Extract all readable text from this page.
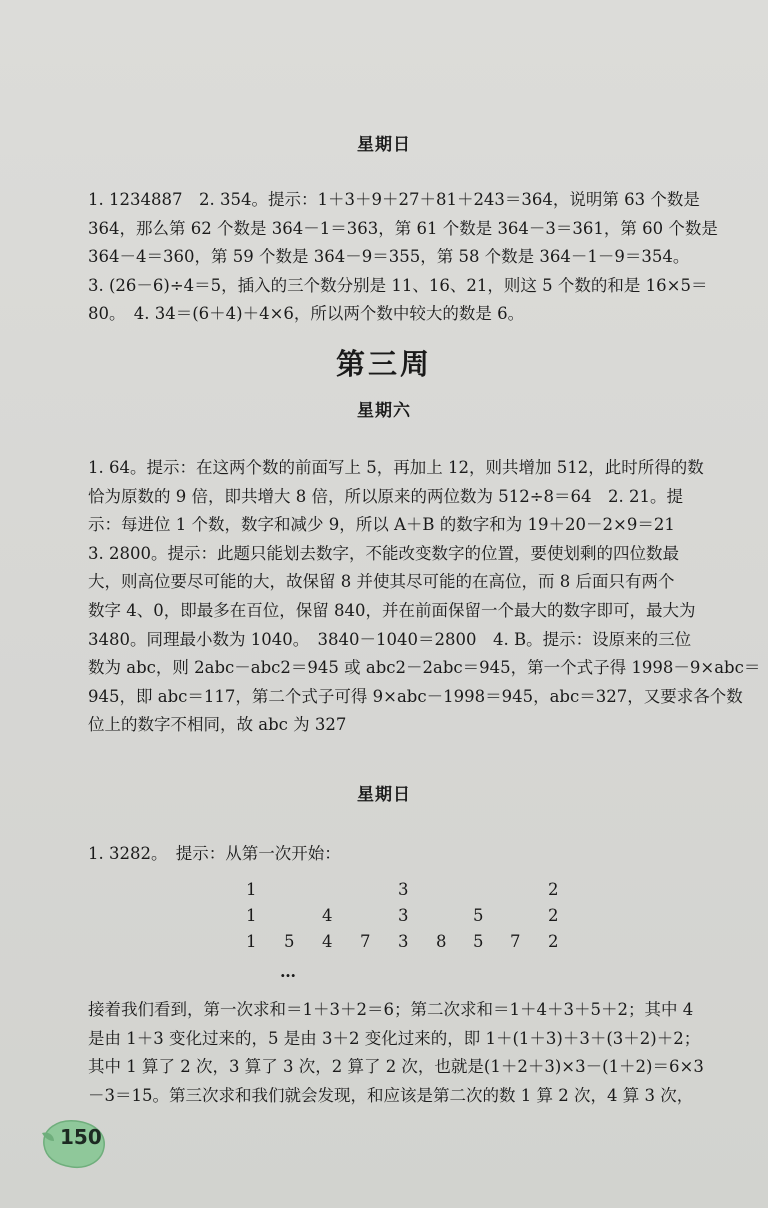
星期日
1. 1234887　2. 354。提示：1＋3＋9＋27＋81＋243＝364，说明第 63 个数是
364，那么第 62 个数是 364－1＝363，第 61 个数是 364－3＝361，第 60 个数是
364－4＝360，第 59 个数是 364－9＝355，第 58 个数是 364－1－9＝354。
3. (26－6)÷4＝5，插入的三个数分别是 11、16、21，则这 5 个数的和是 16×5＝
80。　4. 34＝(6＋4)＋4×6，所以两个数中较大的数是 6。
第三周
星期六
1. 64。提示：在这两个数的前面写上 5，再加上 12，则共增加 512，此时所得的数
恰为原数的 9 倍，即共增大 8 倍，所以原来的两位数为 512÷8＝64　2. 21。提
示：每进位 1 个数，数字和减少 9，所以 A＋B 的数字和为 19＋20－2×9＝21
3. 2800。提示：此题只能划去数字，不能改变数字的位置，要使划剩的四位数最
大，则高位要尽可能的大，故保留 8 并使其尽可能的在高位，而 8 后面只有两个
数字 4、0，即最多在百位，保留 840，并在前面保留一个最大的数字即可，最大为
3480。同理最小数为 1040。　3840－1040＝2800　4. B。提示：设原来的三位
数为 abc，则 2abc－abc2＝945 或 abc2－2abc＝945，第一个式子得 1998－9×abc＝
945，即 abc＝117，第二个式子可得 9×abc－1998＝945，abc＝327，又要求各个数
位上的数字不相同，故 abc 为 327
星期日
1. 3282。　提示：从第一次开始：
1	3	2
1	4	3	5	2
1 5 4 7 3 8 5 7 2
…
接着我们看到，第一次求和＝1＋3＋2＝6；第二次求和＝1＋4＋3＋5＋2；其中 4
是由 1＋3 变化过来的，5 是由 3＋2 变化过来的，即 1＋(1＋3)＋3＋(3＋2)＋2；
其中 1 算了 2 次，3 算了 3 次，2 算了 2 次，也就是(1＋2＋3)×3－(1＋2)＝6×3
－3＝15。第三次求和我们就会发现，和应该是第二次的数 1 算 2 次，4 算 3 次，
150
